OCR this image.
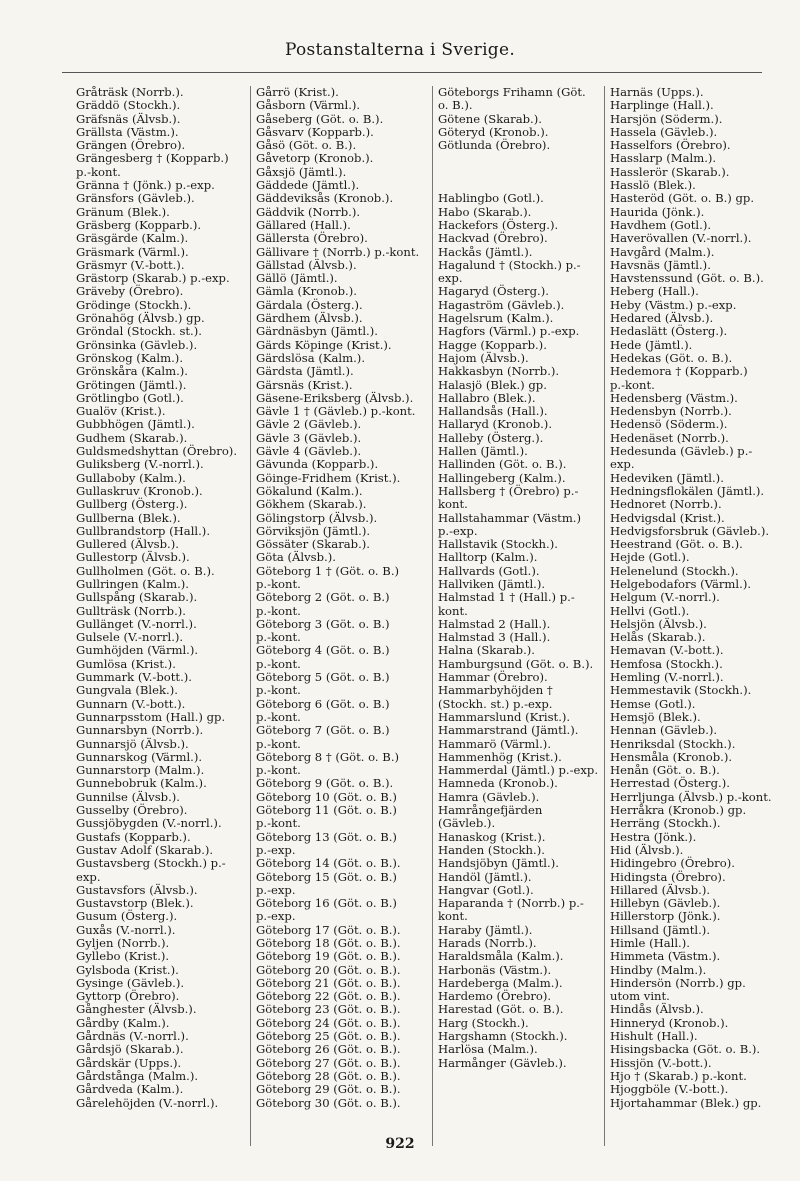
Postanstalterna i Sverige.
Gråträsk (Norrb.).
Gräddö (Stockh.).
Gräfsnäs (Älvsb.).
Grällsta (Västm.).
Grängen (Örebro).
Grängesberg † (Kopparb.)
p.-kont.
Gränna † (Jönk.) p.-exp.
Gränsfors (Gävleb.).
Gränum (Blek.).
Gräsberg (Kopparb.).
Gräsgärde (Kalm.).
Gräsmark (Värml.).
Gräsmyr (V.-bott.).
Grästorp (Skarab.) p.-exp.
Gräveby (Örebro).
Grödinge (Stockh.).
Grönahög (Älvsb.) gp.
Gröndal (Stockh. st.).
Grönsinka (Gävleb.).
Grönskog (Kalm.).
Grönskåra (Kalm.).
Grötingen (Jämtl.).
Grötlingbo (Gotl.).
Gualöv (Krist.).
Gubbhögen (Jämtl.).
Gudhem (Skarab.).
Guldsmedshyttan (Örebro).
Guliksberg (V.-norrl.).
Gullaboby (Kalm.).
Gullaskruv (Kronob.).
Gullberg (Österg.).
Gullberna (Blek.).
Gullbrandstorp (Hall.).
Gullered (Älvsb.).
Gullestorp (Älvsb.).
Gullholmen (Göt. o. B.).
Gullringen (Kalm.).
Gullspång (Skarab.).
Gullträsk (Norrb.).
Gullänget (V.-norrl.).
Gulsele (V.-norrl.).
Gumhöjden (Värml.).
Gumlösa (Krist.).
Gummark (V.-bott.).
Gungvala (Blek.).
Gunnarn (V.-bott.).
Gunnarpsstom (Hall.) gp.
Gunnarsbyn (Norrb.).
Gunnarsjö (Älvsb.).
Gunnarskog (Värml.).
Gunnarstorp (Malm.).
Gunnebobruk (Kalm.).
Gunnilse (Älvsb.).
Gusselby (Örebro).
Gussjöbygden (V.-norrl.).
Gustafs (Kopparb.).
Gustav Adolf (Skarab.).
Gustavsberg (Stockh.) p.-
exp.
Gustavsfors (Älvsb.).
Gustavstorp (Blek.).
Gusum (Österg.).
Guxås (V.-norrl.).
Gyljen (Norrb.).
Gyllebo (Krist.).
Gylsboda (Krist.).
Gysinge (Gävleb.).
Gyttorp (Örebro).
Gånghester (Älvsb.).
Gårdby (Kalm.).
Gårdnäs (V.-norrl.).
Gårdsjö (Skarab.).
Gårdskär (Upps.).
Gårdstånga (Malm.).
Gårdveda (Kalm.).
Gårelehöjden (V.-norrl.).
Gårrö (Krist.).
Gåsborn (Värml.).
Gåseberg (Göt. o. B.).
Gåsvarv (Kopparb.).
Gåsö (Göt. o. B.).
Gåvetorp (Kronob.).
Gåxsjö (Jämtl.).
Gäddede (Jämtl.).
Gäddeviksås (Kronob.).
Gäddvik (Norrb.).
Gällared (Hall.).
Gällersta (Örebro).
Gällivare † (Norrb.) p.-kont.
Gällstad (Älvsb.).
Gällö (Jämtl.).
Gämla (Kronob.).
Gärdala (Österg.).
Gärdhem (Älvsb.).
Gärdnäsbyn (Jämtl.).
Gärds Köpinge (Krist.).
Gärdslösa (Kalm.).
Gärdsta (Jämtl.).
Gärsnäs (Krist.).
Gäsene-Eriksberg (Älvsb.).
Gävle 1 † (Gävleb.) p.-kont.
Gävle 2 (Gävleb.).
Gävle 3 (Gävleb.).
Gävle 4 (Gävleb.).
Gävunda (Kopparb.).
Göinge-Fridhem (Krist.).
Gökalund (Kalm.).
Gökhem (Skarab.).
Gölingstorp (Älvsb.).
Görviksjön (Jämtl.).
Gössäter (Skarab.).
Göta (Älvsb.).
Göteborg 1 † (Göt. o. B.)
p.-kont.
Göteborg 2 (Göt. o. B.)
p.-kont.
Göteborg 3 (Göt. o. B.)
p.-kont.
Göteborg 4 (Göt. o. B.)
p.-kont.
Göteborg 5 (Göt. o. B.)
p.-kont.
Göteborg 6 (Göt. o. B.)
p.-kont.
Göteborg 7 (Göt. o. B.)
p.-kont.
Göteborg 8 † (Göt. o. B.)
p.-kont.
Göteborg 9 (Göt. o. B.).
Göteborg 10 (Göt. o. B.)
Göteborg 11 (Göt. o. B.)
p.-kont.
Göteborg 13 (Göt. o. B.)
p.-exp.
Göteborg 14 (Göt. o. B.).
Göteborg 15 (Göt. o. B.)
p.-exp.
Göteborg 16 (Göt. o. B.)
p.-exp.
Göteborg 17 (Göt. o. B.).
Göteborg 18 (Göt. o. B.).
Göteborg 19 (Göt. o. B.).
Göteborg 20 (Göt. o. B.).
Göteborg 21 (Göt. o. B.).
Göteborg 22 (Göt. o. B.).
Göteborg 23 (Göt. o. B.).
Göteborg 24 (Göt. o. B.).
Göteborg 25 (Göt. o. B.).
Göteborg 26 (Göt. o. B.).
Göteborg 27 (Göt. o. B.).
Göteborg 28 (Göt. o. B.).
Göteborg 29 (Göt. o. B.).
Göteborg 30 (Göt. o. B.).
Göteborgs Frihamn (Göt.
o. B.).
Götene (Skarab.).
Göteryd (Kronob.).
Götlunda (Örebro).
Hablingbo (Gotl.).
Habo (Skarab.).
Hackefors (Österg.).
Hackvad (Örebro).
Hackås (Jämtl.).
Hagalund † (Stockh.) p.-
exp.
Hagaryd (Österg.).
Hagaström (Gävleb.).
Hagelsrum (Kalm.).
Hagfors (Värml.) p.-exp.
Hagge (Kopparb.).
Hajom (Älvsb.).
Hakkasbyn (Norrb.).
Halasjö (Blek.) gp.
Hallabro (Blek.).
Hallandsås (Hall.).
Hallaryd (Kronob.).
Halleby (Österg.).
Hallen (Jämtl.).
Hallinden (Göt. o. B.).
Hallingeberg (Kalm.).
Hallsberg † (Örebro) p.-
kont.
Hallstahammar (Västm.)
p.-exp.
Hallstavik (Stockh.).
Halltorp (Kalm.).
Hallvards (Gotl.).
Hallviken (Jämtl.).
Halmstad 1 † (Hall.) p.-
kont.
Halmstad 2 (Hall.).
Halmstad 3 (Hall.).
Halna (Skarab.).
Hamburgsund (Göt. o. B.).
Hammar (Örebro).
Hammarbyhöjden †
(Stockh. st.) p.-exp.
Hammarslund (Krist.).
Hammarstrand (Jämtl.).
Hammarö (Värml.).
Hammenhög (Krist.).
Hammerdal (Jämtl.) p.-exp.
Hamneda (Kronob.).
Hamra (Gävleb.).
Hamrångefjärden
(Gävleb.).
Hanaskog (Krist.).
Handen (Stockh.).
Handsjöbyn (Jämtl.).
Handöl (Jämtl.).
Hangvar (Gotl.).
Haparanda † (Norrb.) p.-
kont.
Haraby (Jämtl.).
Harads (Norrb.).
Haraldsmåla (Kalm.).
Harbonäs (Västm.).
Hardeberga (Malm.).
Hardemo (Örebro).
Harestad (Göt. o. B.).
Harg (Stockh.).
Hargshamn (Stockh.).
Harlösa (Malm.).
Harmånger (Gävleb.).
Harnäs (Upps.).
Harplinge (Hall.).
Harsjön (Söderm.).
Hassela (Gävleb.).
Hasselfors (Örebro).
Hasslarp (Malm.).
Hasslerör (Skarab.).
Hasslö (Blek.).
Hasteröd (Göt. o. B.) gp.
Haurida (Jönk.).
Havdhem (Gotl.).
Haverövallen (V.-norrl.).
Havgård (Malm.).
Havsnäs (Jämtl.).
Havstenssund (Göt. o. B.).
Heberg (Hall.).
Heby (Västm.) p.-exp.
Hedared (Älvsb.).
Hedaslätt (Österg.).
Hede (Jämtl.).
Hedekas (Göt. o. B.).
Hedemora † (Kopparb.)
p.-kont.
Hedensberg (Västm.).
Hedensbyn (Norrb.).
Hedensö (Söderm.).
Hedenäset (Norrb.).
Hedesunda (Gävleb.) p.-
exp.
Hedeviken (Jämtl.).
Hedningsflokälen (Jämtl.).
Hednoret (Norrb.).
Hedvigsdal (Krist.).
Hedvigsforsbruk (Gävleb.).
Heestrand (Göt. o. B.).
Hejde (Gotl.).
Helenelund (Stockh.).
Helgebodafors (Värml.).
Helgum (V.-norrl.).
Hellvi (Gotl.).
Helsjön (Älvsb.).
Helås (Skarab.).
Hemavan (V.-bott.).
Hemfosa (Stockh.).
Hemling (V.-norrl.).
Hemmestavik (Stockh.).
Hemse (Gotl.).
Hemsjö (Blek.).
Hennan (Gävleb.).
Henriksdal (Stockh.).
Hensmåla (Kronob.).
Henån (Göt. o. B.).
Herrestad (Österg.).
Herrljunga (Älvsb.) p.-kont.
Herråkra (Kronob.) gp.
Herräng (Stockh.).
Hestra (Jönk.).
Hid (Älvsb.).
Hidingebro (Örebro).
Hidingsta (Örebro).
Hillared (Älvsb.).
Hillebyn (Gävleb.).
Hillerstorp (Jönk.).
Hillsand (Jämtl.).
Himle (Hall.).
Himmeta (Västm.).
Hindby (Malm.).
Hindersön (Norrb.) gp.
utom vint.
Hindås (Älvsb.).
Hinneryd (Kronob.).
Hishult (Hall.).
Hisingsbacka (Göt. o. B.).
Hissjön (V.-bott.).
Hjo † (Skarab.) p.-kont.
Hjoggböle (V.-bott.).
Hjortahammar (Blek.) gp.
922
